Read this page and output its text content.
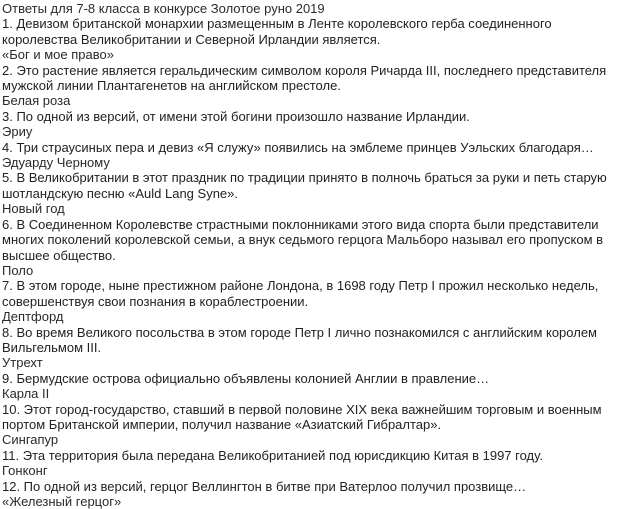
Ответы для 7-8 класса в конкурсе Золотое руно 2019
1. Девизом британской монархии размещенным в Ленте королевского герба соединенного
королевства Великобритании и Северной Ирландии является.
«Бог и мое право»
2. Это растение является геральдическим символом короля Ричарда III, последнего представителя
мужской линии Плантагенетов на английском престоле.
Белая роза
3. По одной из версий, от имени этой богини произошло название Ирландии.
Эриу
4. Три страусиных пера и девиз «Я служу» появились на эмблеме принцев Уэльских благодаря…
Эдуарду Черному
5. В Великобритании в этот праздник по традиции принято в полночь браться за руки и петь старую
шотландскую песню «Auld Lang Syne».
Новый год
6. В Соединенном Королевстве страстными поклонниками этого вида спорта были представители
многих поколений королевской семьи, а внук седьмого герцога Мальборо называл его пропуском в
высшее общество.
Поло
7. В этом городе, ныне престижном районе Лондона, в 1698 году Петр I прожил несколько недель,
совершенствуя свои познания в кораблестроении.
Дептфорд
8. Во время Великого посольства в этом городе Петр I лично познакомился с английским королем
Вильгельмом III.
Утрехт
9. Бермудские острова официально объявлены колонией Англии в правление…
Карла II
10. Этот город-государство, ставший в первой половине XIX века важнейшим торговым и военным
портом Британской империи, получил название «Азиатский Гибралтар».
Сингапур
11. Эта территория была передана Великобританией под юрисдикцию Китая в 1997 году.
Гонконг
12. По одной из версий, герцог Веллингтон в битве при Ватерлоо получил прозвище…
«Железный герцог»
